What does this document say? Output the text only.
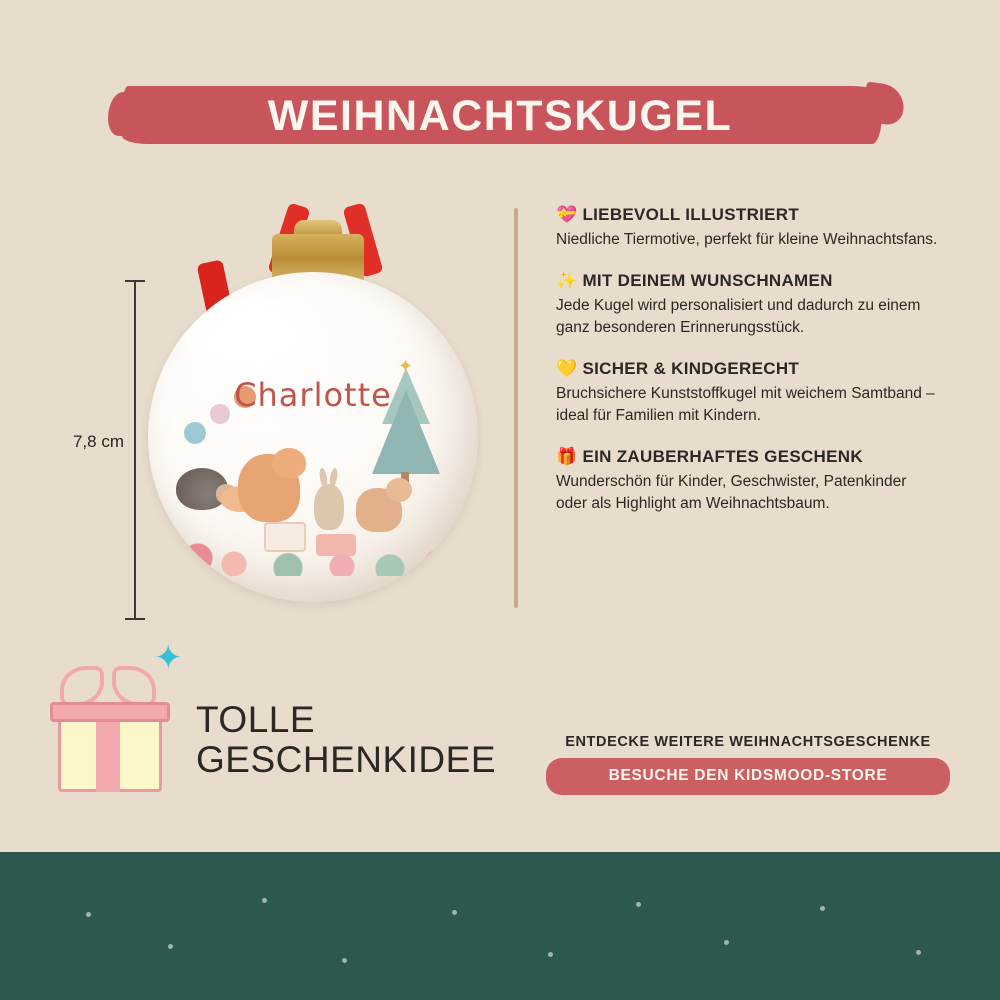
WEIHNACHTSKUGEL
7,8 cm
✦
Charlotte
💝 LIEBEVOLL ILLUSTRIERT
Niedliche Tiermotive, perfekt für kleine Weihnachtsfans.
✨ MIT DEINEM WUNSCHNAMEN
Jede Kugel wird personalisiert und dadurch zu einem ganz besonderen Erinnerungsstück.
💛 SICHER & KINDGERECHT
Bruchsichere Kunststoffkugel mit weichem Samtband – ideal für Familien mit Kindern.
🎁 EIN ZAUBERHAFTES GESCHENK
Wunderschön für Kinder, Geschwister, Patenkinder oder als Highlight am Weihnachtsbaum.
✦
TOLLE
GESCHENKIDEE	ENTDECKE WEITERE WEIHNACHTSGESCHENKE
BESUCHE DEN KIDSMOOD-STORE
